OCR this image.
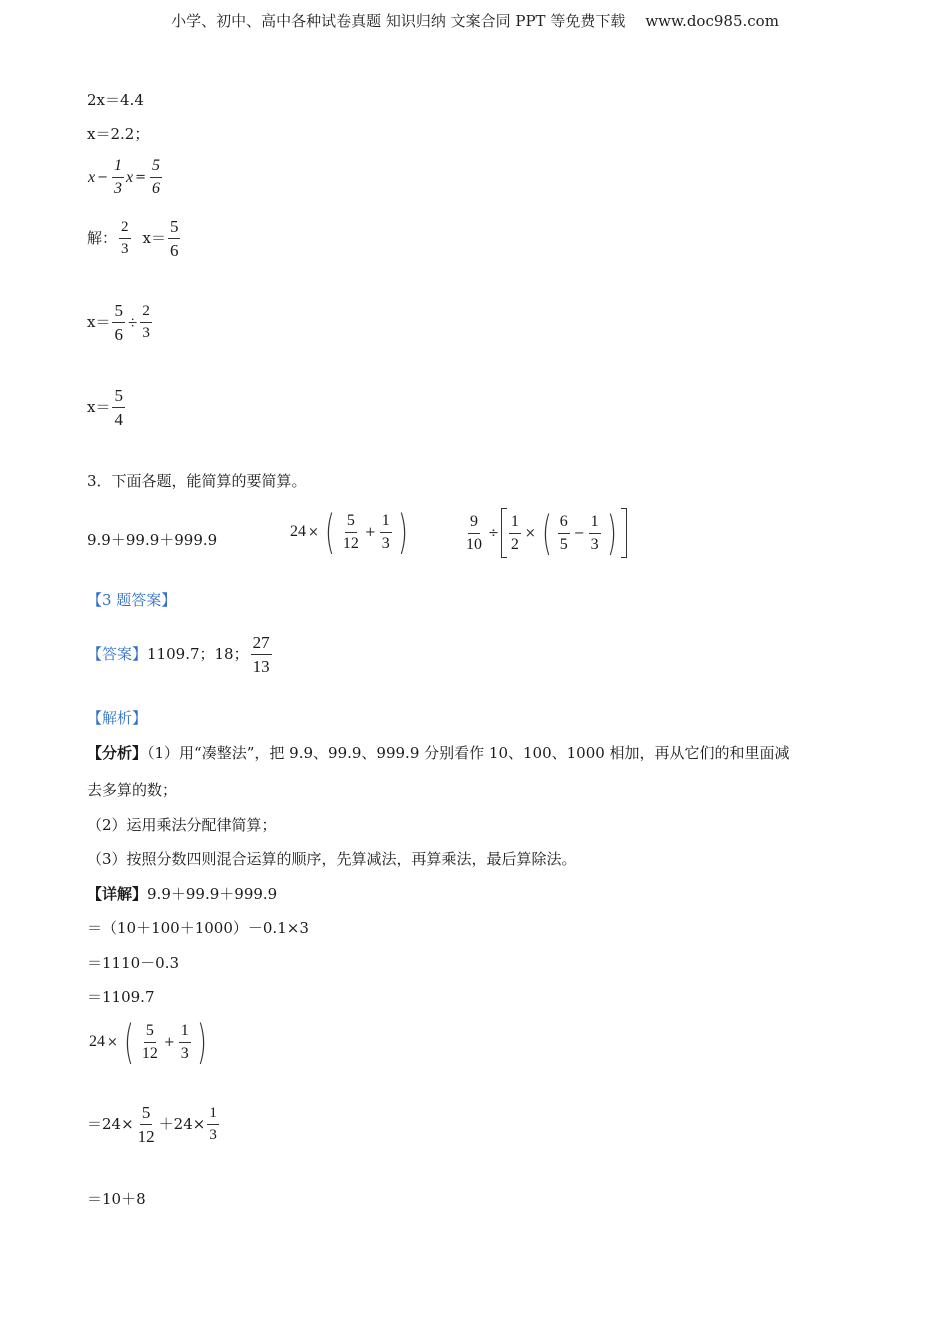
小学、初中、高中各种试卷真题 知识归纳 文案合同 PPT 等免费下载 www.doc985.com
2x＝4.4
x＝2.2；
$x - \frac{1}{3}$ $x = \frac{5}{6}$
解： $\frac{2}{3} x= \frac{5}{6}$
$x= \frac{5}{6} \div \frac{2}{3}$
$x= \frac{5}{4}$
3．下面各题，能简算的要简算。
9.9＋99.9＋999.9	24 × ( $\frac{5}{12} + \frac{1}{3}$ )	$\frac{9}{10} \div \frac{1}{2}$ × ( $\frac{6}{5} - \frac{1}{3}$ )
【3 题答案】
【答案】 1109.7；18； $\frac{27}{13}$
【解析】
【分析】（1）用“凑整法”，把 9.9、99.9、999.9 分别看作 10、100、1000 相加，再从它们的和里面减
去多算的数；
（2）运用乘法分配律简算；
（3）按照分数四则混合运算的顺序，先算减法，再算乘法，最后算除法。
【详解】9.9＋99.9＋999.9
＝（10＋100＋1000）－0.1×3
＝1110－0.3
＝1109.7
24 × ( $\frac{5}{12} + \frac{1}{3}$ )
$=24\times \frac{5}{12} +24\times \frac{1}{3}$
＝10＋8
